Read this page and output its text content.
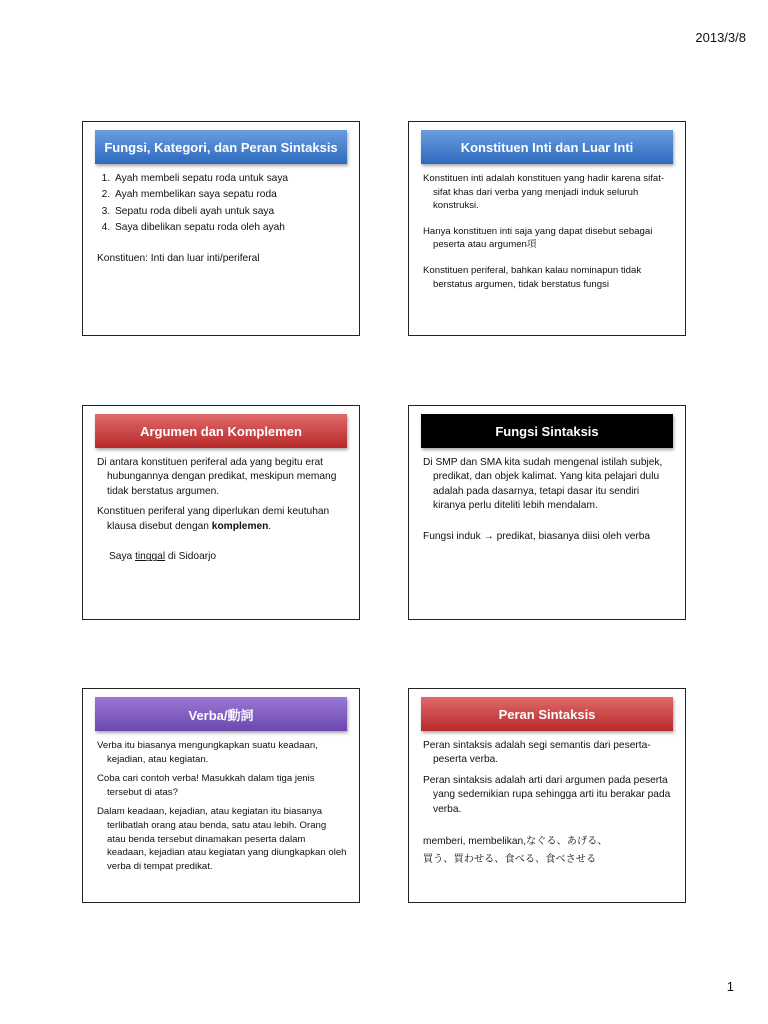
2013/3/8
Fungsi, Kategori, dan Peran Sintaksis
1. Ayah membeli sepatu roda untuk saya
2. Ayah membelikan saya sepatu roda
3. Sepatu roda dibeli ayah untuk saya
4. Saya dibelikan sepatu roda oleh ayah

Konstituen: Inti dan luar inti/periferal

Konstituen Inti dan Luar Inti

Konstituen inti adalah konstituen yang hadir karena sifat-sifat khas dari verba yang menjadi induk seluruh konstruksi.

Hanya konstituen inti saja yang dapat disebut sebagai peserta atau argumen項

Konstituen periferal, bahkan kalau nominapun tidak berstatus argumen, tidak berstatus fungsi

Argumen dan Komplemen

Di antara konstituen periferal ada yang begitu erat hubungannya dengan predikat, meskipun memang tidak berstatus argumen.

Konstituen periferal yang diperlukan demi keutuhan klausa disebut dengan komplemen.

Saya tinggal di Sidoarjo

Fungsi Sintaksis

Di SMP dan SMA kita sudah mengenal istilah subjek, predikat, dan objek kalimat. Yang kita pelajari dulu adalah pada dasarnya, tetapi dasar itu sendiri kiranya perlu diteliti lebih mendalam.

Fungsi induk → predikat, biasanya diisi oleh verba

Verba/動詞

Verba itu biasanya mengungkapkan suatu keadaan, kejadian, atau kegiatan.

Coba cari contoh verba! Masukkah dalam tiga jenis tersebut di atas?

Dalam keadaan, kejadian, atau kegiatan itu biasanya terlibatlah orang atau benda, satu atau lebih. Orang atau benda tersebut dinamakan peserta dalam keadaan, kejadian atau kegiatan yang diungkapkan oleh verba di tempat predikat.

Peran Sintaksis

Peran sintaksis adalah segi semantis dari peserta-peserta verba.

Peran sintaksis adalah arti dari argumen pada peserta yang sedemikian rupa sehingga arti itu berakar pada verba.

memberi, membelikan,なぐる、あげる、

買う、買わせる、食べる、食べさせる

1
